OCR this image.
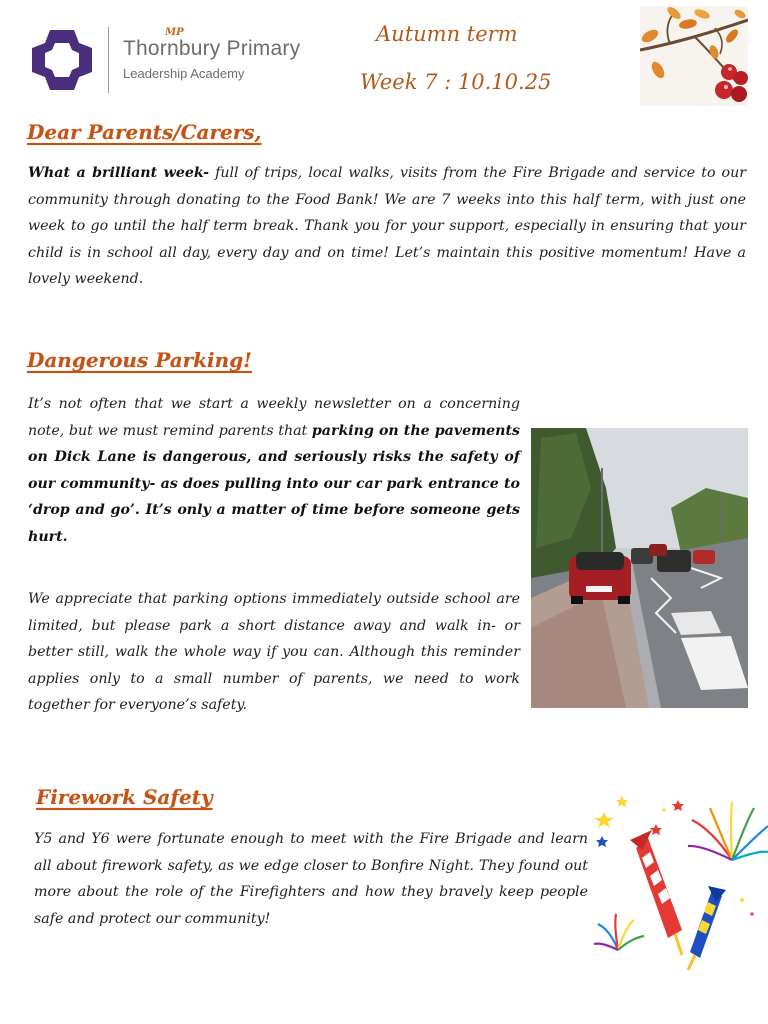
Thornbury Primary
MP
Leadership Academy
Autumn term
Week 7 : 10.10.25
Dear Parents/Carers,
What a brilliant week- full of trips, local walks, visits from the Fire Brigade and service to our community through donating to the Food Bank! We are 7 weeks into this half term, with just one week to go until the half term break. Thank you for your support, especially in ensuring that your child is in school all day, every day and on time! Let’s maintain this positive momentum! Have a lovely weekend.
Dangerous Parking!
It’s not often that we start a weekly newsletter on a concerning note, but we must remind parents that parking on the pavements on Dick Lane is dangerous, and seriously risks the safety of our community- as does pulling into our car park entrance to ‘drop and go’. It’s only a matter of time before someone gets hurt.
We appreciate that parking options immediately outside school are limited, but please park a short distance away and walk in- or better still, walk the whole way if you can. Although this reminder applies only to a small number of parents, we need to work together for everyone’s safety.
Firework Safety
Y5 and Y6 were fortunate enough to meet with the Fire Brigade and learn all about firework safety, as we edge closer to Bonfire Night. They found out more about the role of the Firefighters and how they bravely keep people safe and protect our community!
